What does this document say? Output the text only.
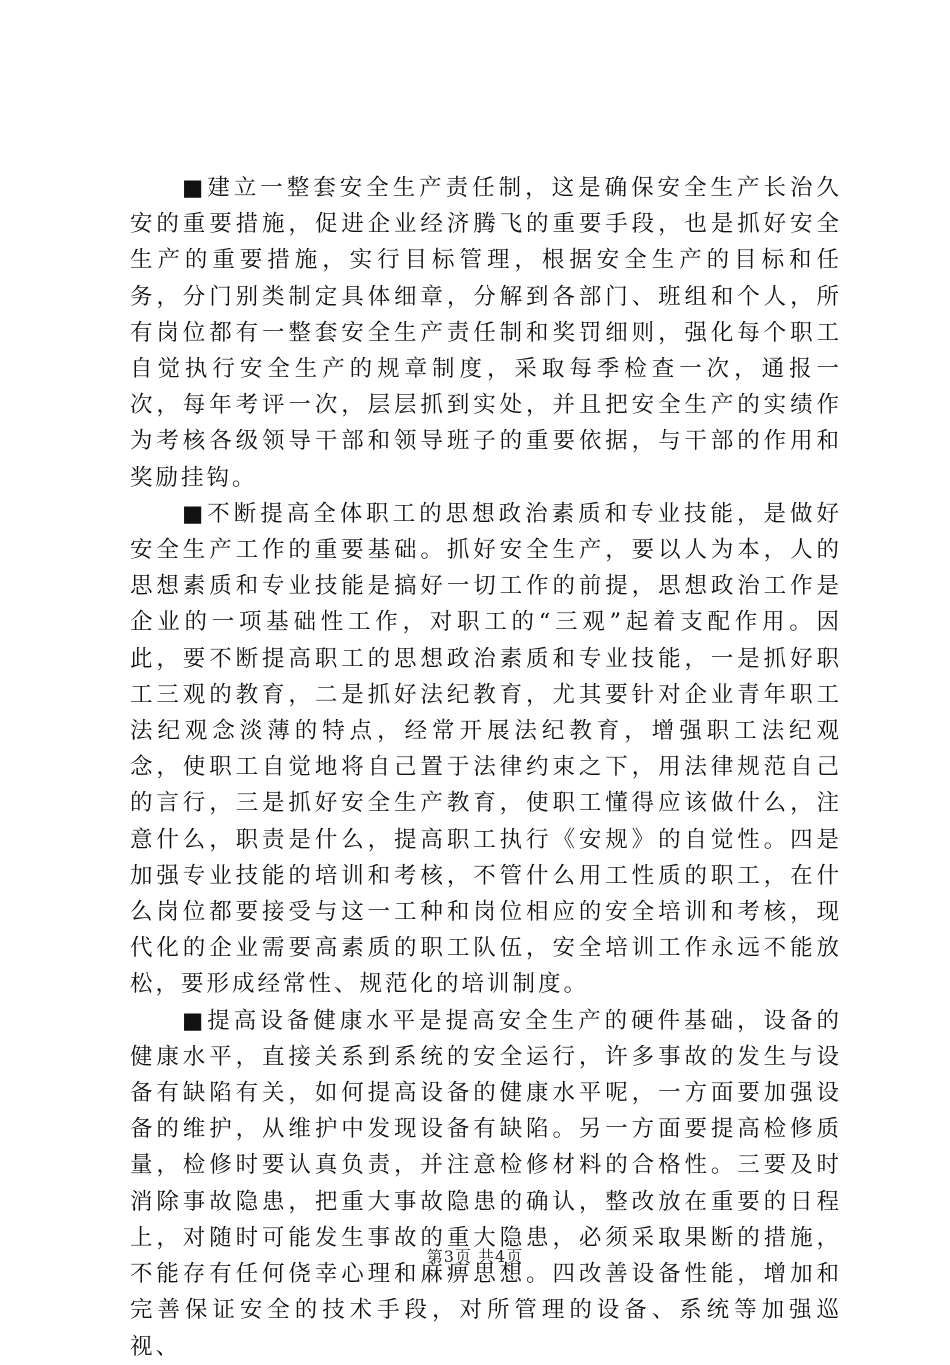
■建立一整套安全生产责任制，这是确保安全生产长治久安的重要措施，促进企业经济腾飞的重要手段，也是抓好安全生产的重要措施，实行目标管理，根据安全生产的目标和任务，分门别类制定具体细章，分解到各部门、班组和个人，所有岗位都有一整套安全生产责任制和奖罚细则，强化每个职工自觉执行安全生产的规章制度，采取每季检查一次，通报一次，每年考评一次，层层抓到实处，并且把安全生产的实绩作为考核各级领导干部和领导班子的重要依据，与干部的作用和奖励挂钩。

■不断提高全体职工的思想政治素质和专业技能，是做好安全生产工作的重要基础。抓好安全生产，要以人为本，人的思想素质和专业技能是搞好一切工作的前提，思想政治工作是企业的一项基础性工作，对职工的“三观”起着支配作用。因此，要不断提高职工的思想政治素质和专业技能，一是抓好职工三观的教育，二是抓好法纪教育，尤其要针对企业青年职工法纪观念淡薄的特点，经常开展法纪教育，增强职工法纪观念，使职工自觉地将自己置于法律约束之下，用法律规范自己的言行，三是抓好安全生产教育，使职工懂得应该做什么，注意什么，职责是什么，提高职工执行《安规》的自觉性。四是加强专业技能的培训和考核，不管什么用工性质的职工，在什么岗位都要接受与这一工种和岗位相应的安全培训和考核，现代化的企业需要高素质的职工队伍，安全培训工作永远不能放松，要形成经常性、规范化的培训制度。

■提高设备健康水平是提高安全生产的硬件基础，设备的健康水平，直接关系到系统的安全运行，许多事故的发生与设备有缺陷有关，如何提高设备的健康水平呢，一方面要加强设备的维护，从维护中发现设备有缺陷。另一方面要提高检修质量，检修时要认真负责，并注意检修材料的合格性。三要及时消除事故隐患，把重大事故隐患的确认，整改放在重要的日程上，对随时可能发生事故的重大隐患，必须采取果断的措施，不能存有任何侥幸心理和麻痹思想。四改善设备性能，增加和完善保证安全的技术手段，对所管理的设备、系统等加强巡视、

第3页 共4页
